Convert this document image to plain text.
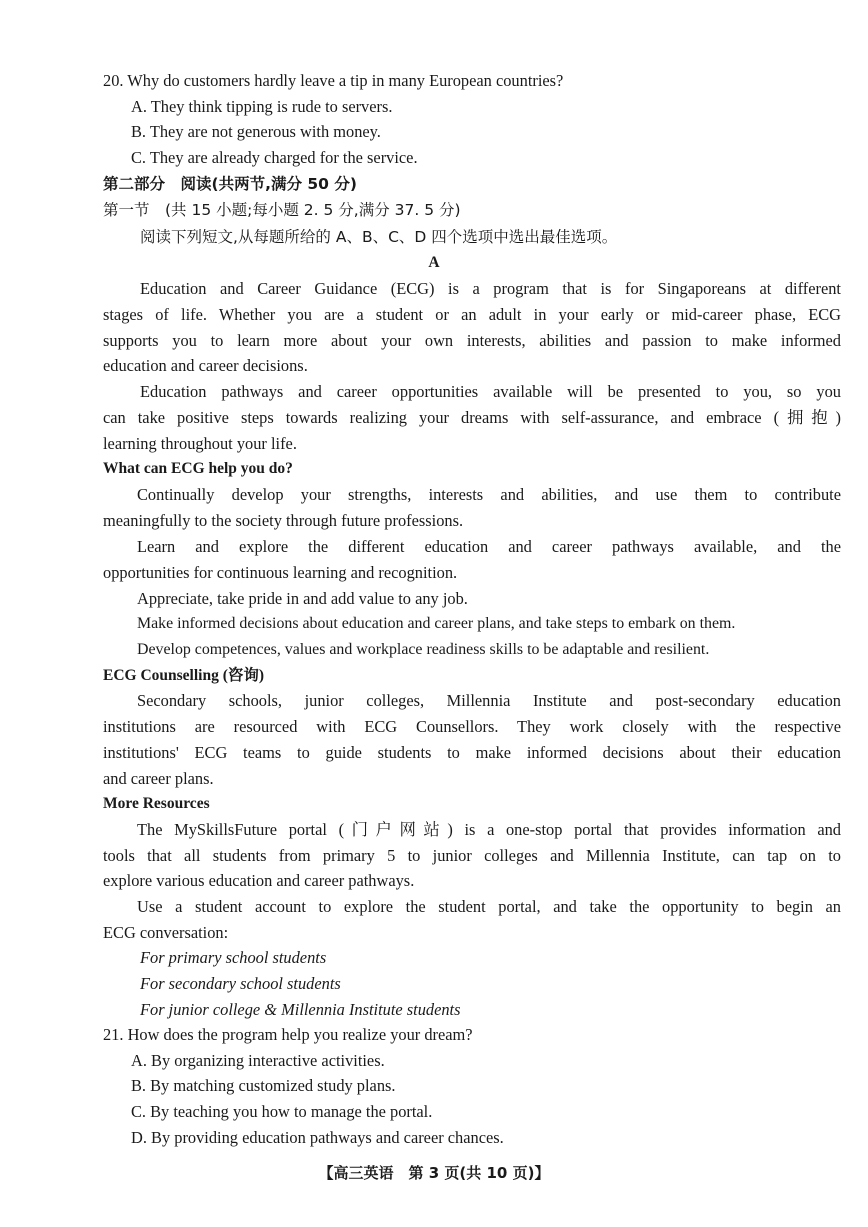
20. Why do customers hardly leave a tip in many European countries?
A. They think tipping is rude to servers.
B. They are not generous with money.
C. They are already charged for the service.
第二部分　阅读(共两节,满分 50 分)
第一节　(共 15 小题;每小题 2. 5 分,满分 37. 5 分)
阅读下列短文,从每题所给的 A、B、C、D 四个选项中选出最佳选项。
A
Education and Career Guidance (ECG) is a program that is for Singaporeans at different
stages of life. Whether you are a student or an adult in your early or mid-career phase, ECG
supports you to learn more about your own interests, abilities and passion to make informed
education and career decisions.
Education pathways and career opportunities available will be presented to you, so you
can take positive steps towards realizing your dreams with self-assurance, and embrace (拥抱)
learning throughout your life.
What can ECG help you do?
Continually develop your strengths, interests and abilities, and use them to contribute
meaningfully to the society through future professions.
Learn and explore the different education and career pathways available, and the
opportunities for continuous learning and recognition.
Appreciate, take pride in and add value to any job.
Make informed decisions about education and career plans, and take steps to embark on them.
Develop competences, values and workplace readiness skills to be adaptable and resilient.
ECG Counselling (咨询)
Secondary schools, junior colleges, Millennia Institute and post-secondary education
institutions are resourced with ECG Counsellors. They work closely with the respective
institutions' ECG teams to guide students to make informed decisions about their education
and career plans.
More Resources
The MySkillsFuture portal (门户网站) is a one-stop portal that provides information and
tools that all students from primary 5 to junior colleges and Millennia Institute, can tap on to
explore various education and career pathways.
Use a student account to explore the student portal, and take the opportunity to begin an
ECG conversation:
For primary school students
For secondary school students
For junior college & Millennia Institute students
21. How does the program help you realize your dream?
A. By organizing interactive activities.
B. By matching customized study plans.
C. By teaching you how to manage the portal.
D. By providing education pathways and career chances.
【高三英语　第 3 页(共 10 页)】
